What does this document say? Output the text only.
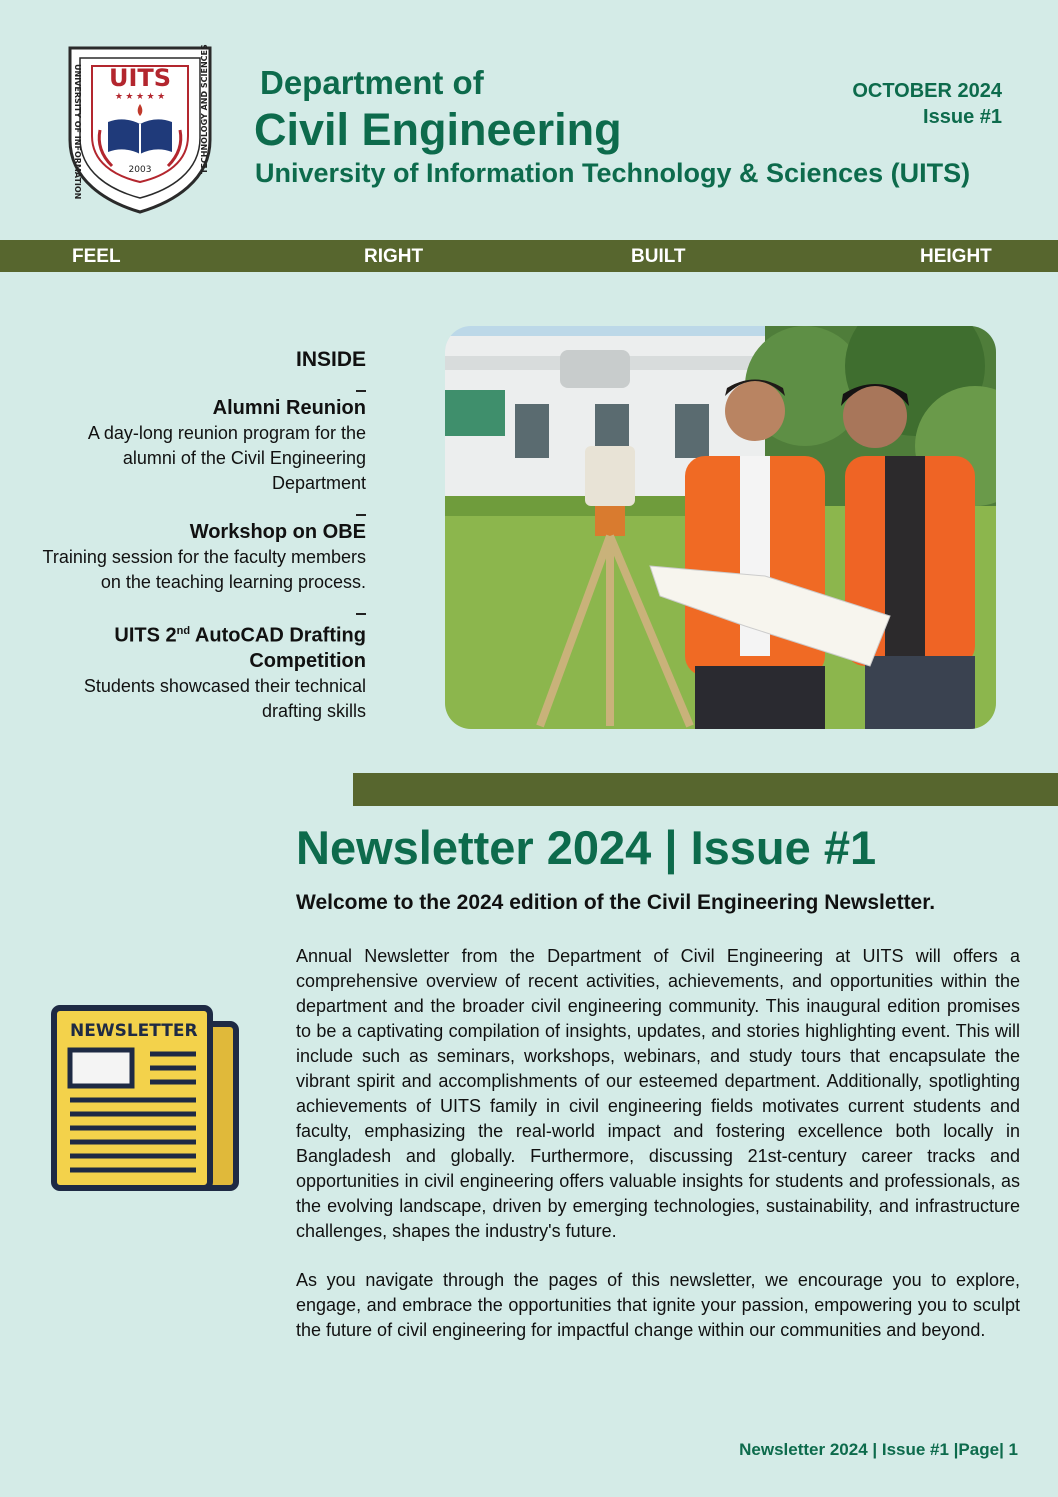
UITS
★ ★ ★ ★ ★
2003
UNIVERSITY OF INFORMATION	TECHNOLOGY AND SCIENCES Department of
Civil Engineering
University of Information Technology & Sciences (UITS)
OCTOBER 2024
Issue #1
FEEL	RIGHT	BUILT	HEIGHT
INSIDE
Alumni Reunion
A day-long reunion program for the alumni of the Civil Engineering Department
Workshop on OBE
Training session for the faculty members on the teaching learning process.
UITS 2nd AutoCAD Drafting Competition
Students showcased their technical drafting skills
Newsletter 2024 | Issue #1
Welcome to the 2024 edition of the Civil Engineering Newsletter.
Annual Newsletter from the Department of Civil Engineering at UITS will offers a comprehensive overview of recent activities, achievements, and opportunities within the department and the broader civil engineering community. This inaugural edition promises to be a captivating compilation of insights, updates, and stories highlighting event. This will include such as seminars, workshops, webinars, and study tours that encapsulate the vibrant spirit and accomplishments of our esteemed department. Additionally, spotlighting achievements of UITS family in civil engineering fields motivates current students and faculty, emphasizing the real-world impact and fostering excellence both locally in Bangladesh and globally. Furthermore, discussing 21st-century career tracks and opportunities in civil engineering offers valuable insights for students and professionals, as the evolving landscape, driven by emerging technologies, sustainability, and infrastructure challenges, shapes the industry's future.
As you navigate through the pages of this newsletter, we encourage you to explore, engage, and embrace the opportunities that ignite your passion, empowering you to sculpt the future of civil engineering for impactful change within our communities and beyond.
NEWSLETTER
Newsletter 2024 | Issue #1 |Page| 1
